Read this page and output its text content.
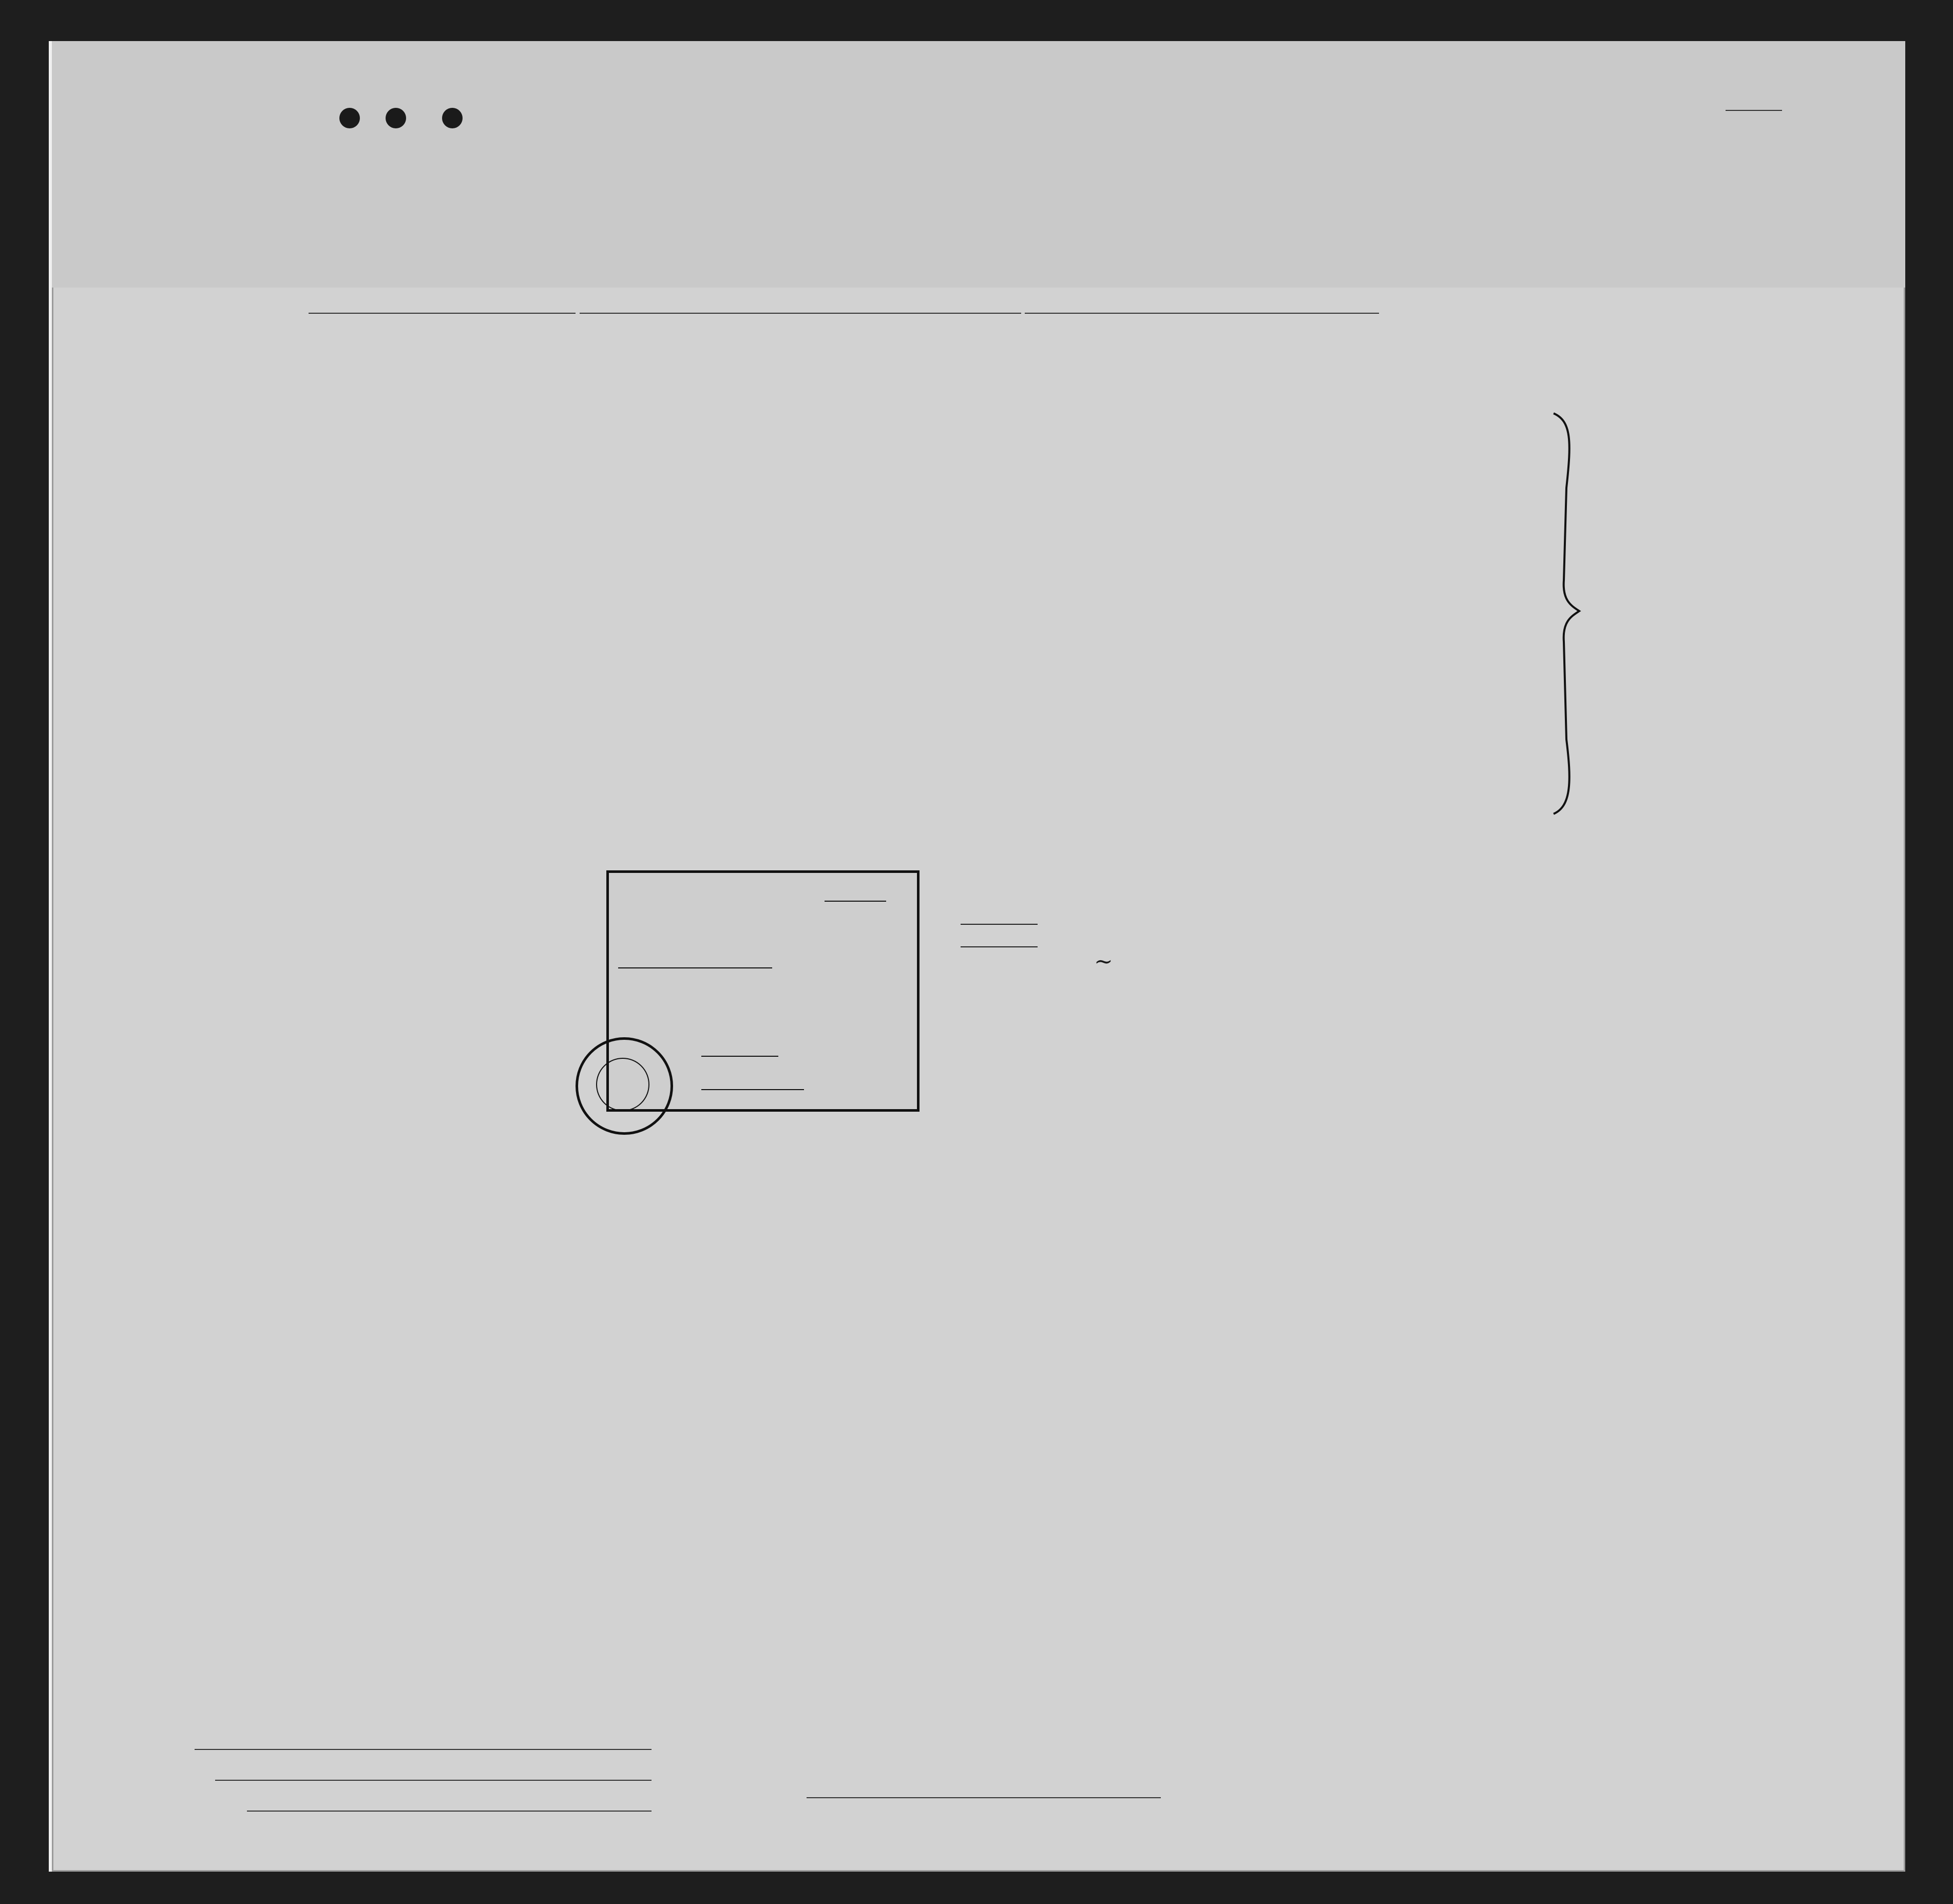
~
